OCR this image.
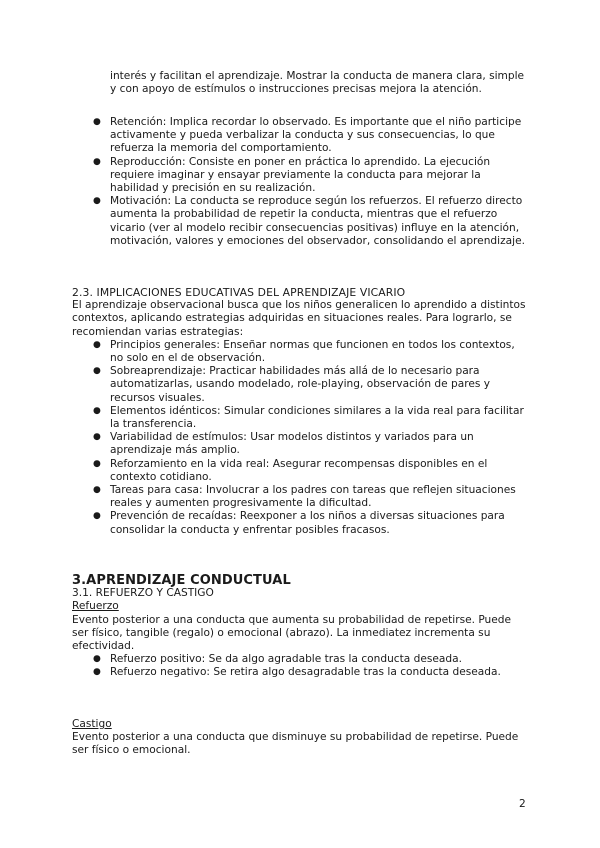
interés y facilitan el aprendizaje. Mostrar la conducta de manera clara, simple y con apoyo de estímulos o instrucciones precisas mejora la atención.

● Retención: Implica recordar lo observado. Es importante que el niño participe activamente y pueda verbalizar la conducta y sus consecuencias, lo que refuerza la memoria del comportamiento.
● Reproducción: Consiste en poner en práctica lo aprendido. La ejecución requiere imaginar y ensayar previamente la conducta para mejorar la habilidad y precisión en su realización.
● Motivación: La conducta se reproduce según los refuerzos. El refuerzo directo aumenta la probabilidad de repetir la conducta, mientras que el refuerzo vicario (ver al modelo recibir consecuencias positivas) influye en la atención, motivación, valores y emociones del observador, consolidando el aprendizaje.

2.3. IMPLICACIONES EDUCATIVAS DEL APRENDIZAJE VICARIO

El aprendizaje observacional busca que los niños generalicen lo aprendido a distintos contextos, aplicando estrategias adquiridas en situaciones reales. Para lograrlo, se recomiendan varias estrategias:

● Principios generales: Enseñar normas que funcionen en todos los contextos, no solo en el de observación.
● Sobreaprendizaje: Practicar habilidades más allá de lo necesario para automatizarlas, usando modelado, role-playing, observación de pares y recursos visuales.
● Elementos idénticos: Simular condiciones similares a la vida real para facilitar la transferencia.
● Variabilidad de estímulos: Usar modelos distintos y variados para un aprendizaje más amplio.
● Reforzamiento en la vida real: Asegurar recompensas disponibles en el contexto cotidiano.
● Tareas para casa: Involucrar a los padres con tareas que reflejen situaciones reales y aumenten progresivamente la dificultad.
● Prevención de recaídas: Reexponer a los niños a diversas situaciones para consolidar la conducta y enfrentar posibles fracasos.

3.APRENDIZAJE CONDUCTUAL

3.1. REFUERZO Y CASTIGO

Refuerzo

Evento posterior a una conducta que aumenta su probabilidad de repetirse. Puede ser físico, tangible (regalo) o emocional (abrazo). La inmediatez incrementa su efectividad.

● Refuerzo positivo: Se da algo agradable tras la conducta deseada.
● Refuerzo negativo: Se retira algo desagradable tras la conducta deseada.

Castigo

Evento posterior a una conducta que disminuye su probabilidad de repetirse. Puede ser físico o emocional.

2
